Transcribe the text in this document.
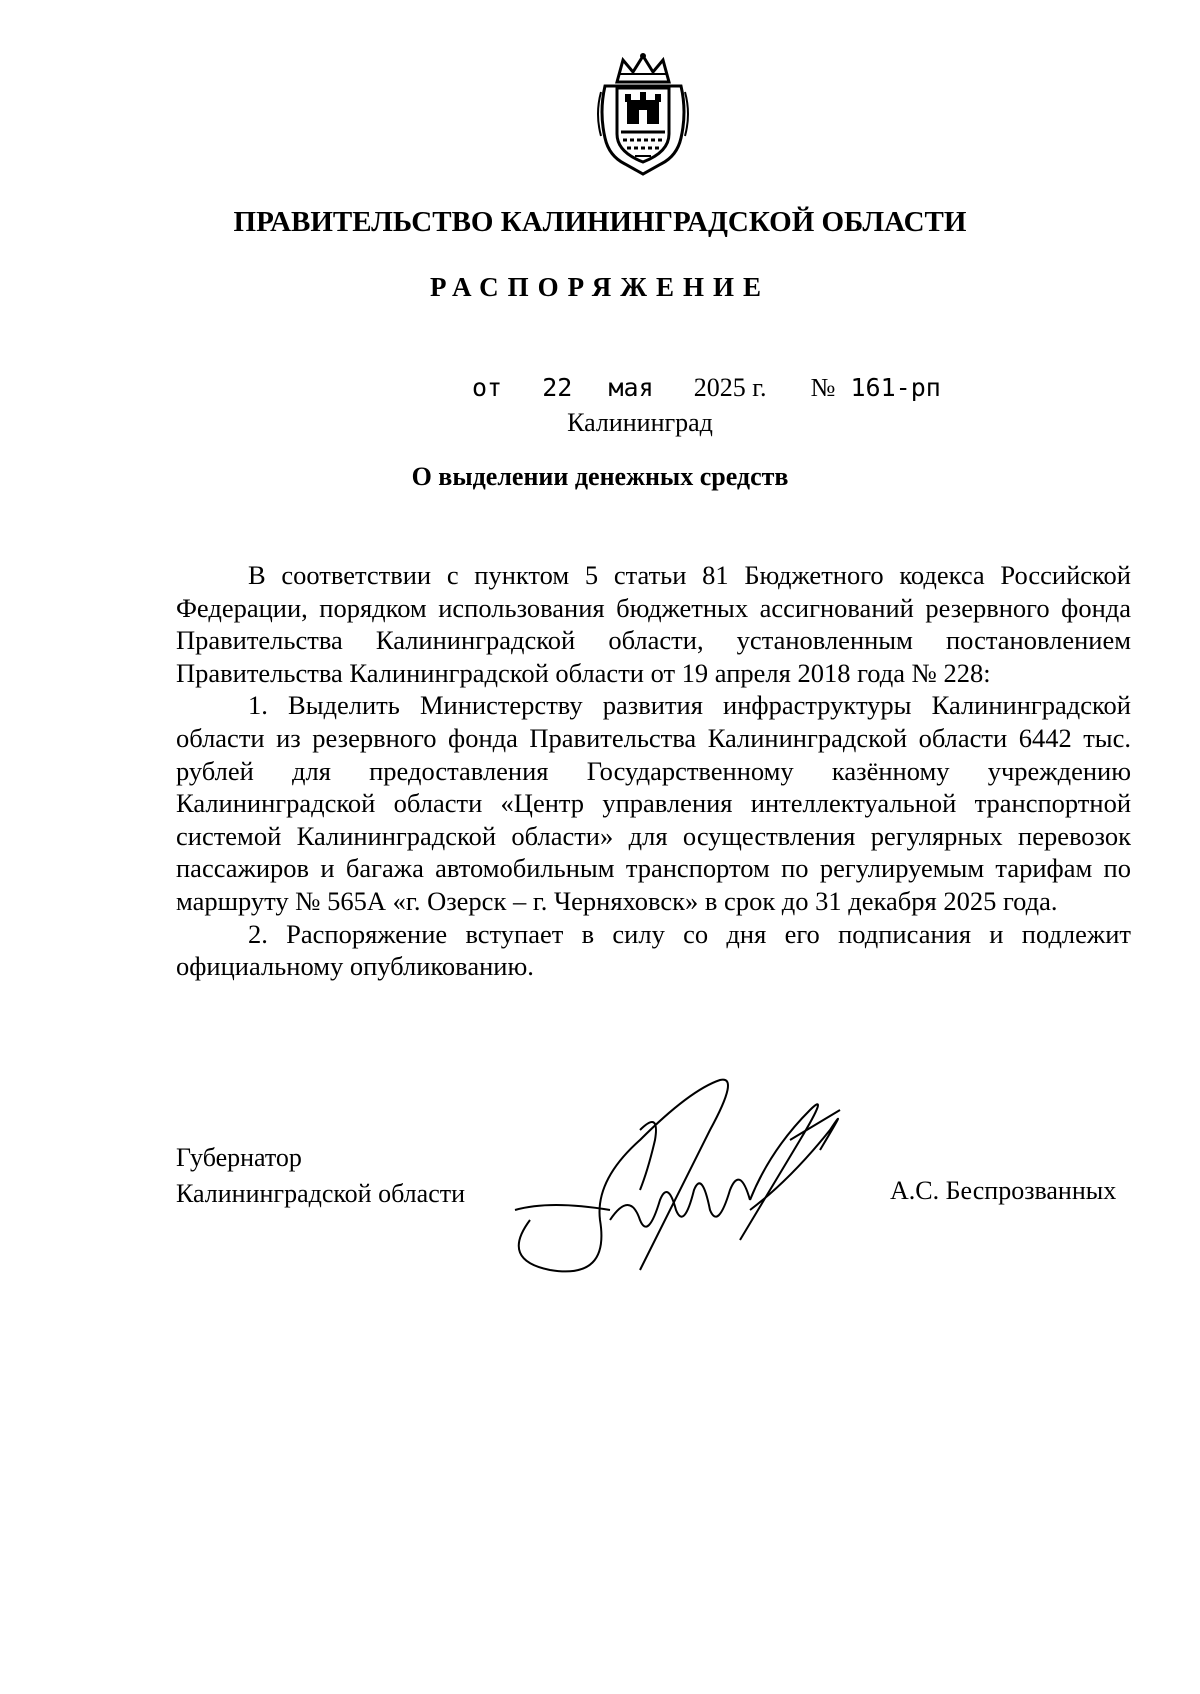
ПРАВИТЕЛЬСТВО КАЛИНИНГРАДСКОЙ ОБЛАСТИ
РАСПОРЯЖЕНИЕ
от 22 мая 2025 г. № 161-рп
Калининград
О выделении денежных средств

В соответствии с пунктом 5 статьи 81 Бюджетного кодекса Российской Федерации, порядком использования бюджетных ассигнований резервного фонда Правительства Калининградской области, установленным постановлением Правительства Калининградской области от 19 апреля 2018 года № 228:

1. Выделить Министерству развития инфраструктуры Калининградской области из резервного фонда Правительства Калининградской области 6442 тыс. рублей для предоставления Государственному казённому учреждению Калининградской области «Центр управления интеллектуальной транспортной системой Калининградской области» для осуществления регулярных перевозок пассажиров и багажа автомобильным транспортом по регулируемым тарифам по маршруту № 565А «г. Озерск – г. Черняховск» в срок до 31 декабря 2025 года.

2. Распоряжение вступает в силу со дня его подписания и подлежит официальному опубликованию.

Губернатор
Калининградской области	А.С. Беспрозванных
